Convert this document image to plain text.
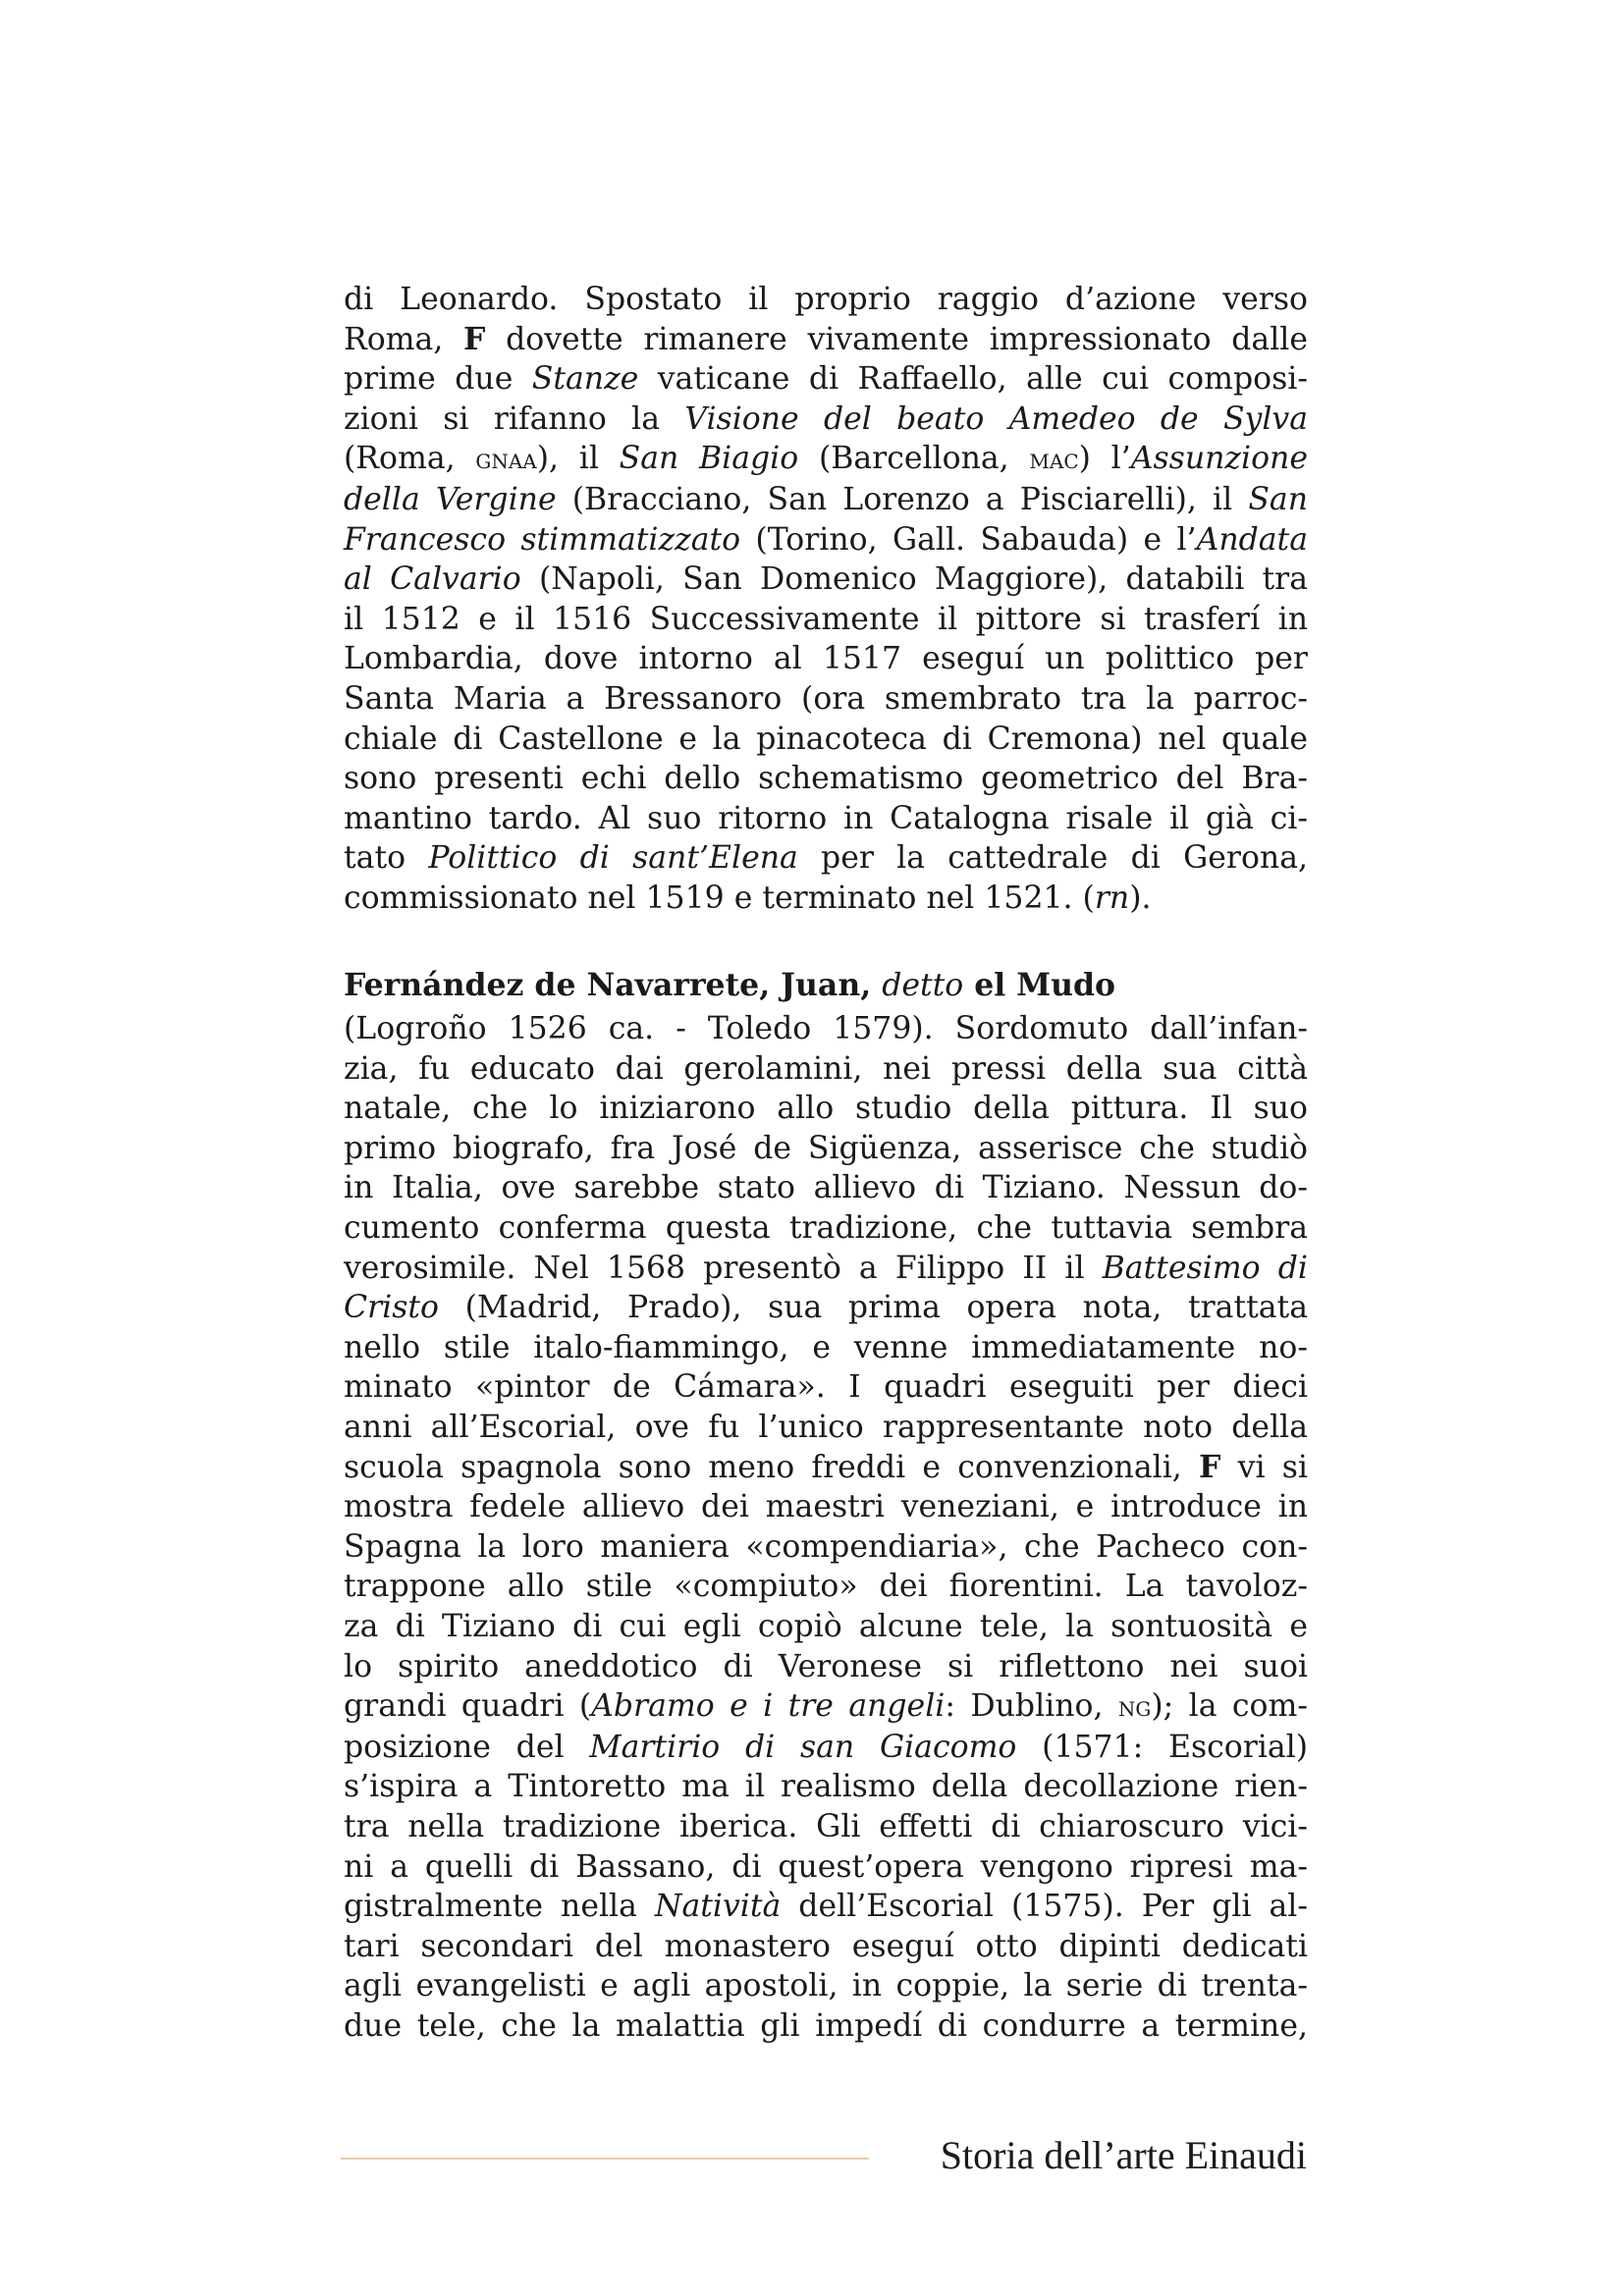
di Leonardo. Spostato il proprio raggio d’azione verso
Roma, F dovette rimanere vivamente impressionato dalle
prime due Stanze vaticane di Raffaello, alle cui composi-
zioni si rifanno la Visione del beato Amedeo de Sylva
(Roma, gnaa), il San Biagio (Barcellona, mac) l’Assunzione
della Vergine (Bracciano, San Lorenzo a Pisciarelli), il San
Francesco stimmatizzato (Torino, Gall. Sabauda) e l’Andata
al Calvario (Napoli, San Domenico Maggiore), databili tra
il 1512 e il 1516 Successivamente il pittore si trasferí in
Lombardia, dove intorno al 1517 eseguí un polittico per
Santa Maria a Bressanoro (ora smembrato tra la parroc-
chiale di Castellone e la pinacoteca di Cremona) nel quale
sono presenti echi dello schematismo geometrico del Bra-
mantino tardo. Al suo ritorno in Catalogna risale il già ci-
tato Polittico di sant’Elena per la cattedrale di Gerona,
commissionato nel 1519 e terminato nel 1521. (rn).
Fernández de Navarrete, Juan, detto el Mudo
(Logroño 1526 ca. - Toledo 1579). Sordomuto dall’infan-
zia, fu educato dai gerolamini, nei pressi della sua città
natale, che lo iniziarono allo studio della pittura. Il suo
primo biografo, fra José de Sigüenza, asserisce che studiò
in Italia, ove sarebbe stato allievo di Tiziano. Nessun do-
cumento conferma questa tradizione, che tuttavia sembra
verosimile. Nel 1568 presentò a Filippo II il Battesimo di
Cristo (Madrid, Prado), sua prima opera nota, trattata
nello stile italo-fiammingo, e venne immediatamente no-
minato «pintor de Cámara». I quadri eseguiti per dieci
anni all’Escorial, ove fu l’unico rappresentante noto della
scuola spagnola sono meno freddi e convenzionali, F vi si
mostra fedele allievo dei maestri veneziani, e introduce in
Spagna la loro maniera «compendiaria», che Pacheco con-
trappone allo stile «compiuto» dei fiorentini. La tavoloz-
za di Tiziano di cui egli copiò alcune tele, la sontuosità e
lo spirito aneddotico di Veronese si riflettono nei suoi
grandi quadri (Abramo e i tre angeli: Dublino, ng); la com-
posizione del Martirio di san Giacomo (1571: Escorial)
s’ispira a Tintoretto ma il realismo della decollazione rien-
tra nella tradizione iberica. Gli effetti di chiaroscuro vici-
ni a quelli di Bassano, di quest’opera vengono ripresi ma-
gistralmente nella Natività dell’Escorial (1575). Per gli al-
tari secondari del monastero eseguí otto dipinti dedicati
agli evangelisti e agli apostoli, in coppie, la serie di trenta-
due tele, che la malattia gli impedí di condurre a termine,
Storia dell’arte Einaudi
